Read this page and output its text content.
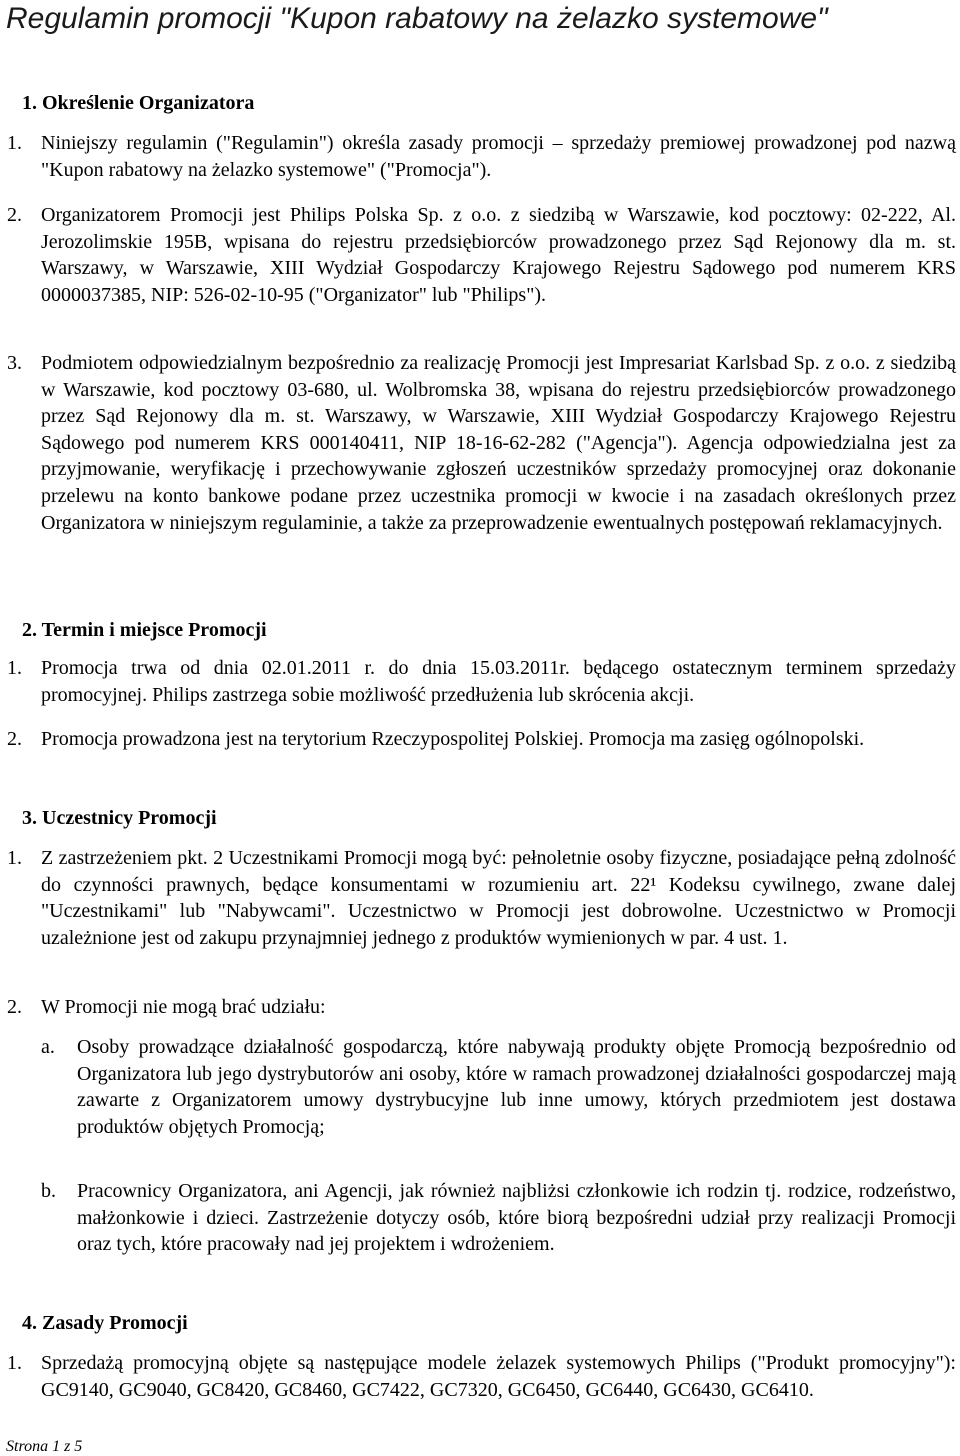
Regulamin promocji "Kupon rabatowy na żelazko systemowe"
1. Określenie Organizatora
1. Niniejszy regulamin ("Regulamin") określa zasady promocji – sprzedaży premiowej prowadzonej pod nazwą "Kupon rabatowy na żelazko systemowe" ("Promocja").
2. Organizatorem Promocji jest Philips Polska Sp. z o.o. z siedzibą w Warszawie, kod pocztowy: 02-222, Al. Jerozolimskie 195B, wpisana do rejestru przedsiębiorców prowadzonego przez Sąd Rejonowy dla m. st. Warszawy, w Warszawie, XIII Wydział Gospodarczy Krajowego Rejestru Sądowego pod numerem KRS 0000037385, NIP: 526-02-10-95 ("Organizator" lub "Philips").
3. Podmiotem odpowiedzialnym bezpośrednio za realizację Promocji jest Impresariat Karlsbad Sp. z o.o. z siedzibą w Warszawie, kod pocztowy 03-680, ul. Wolbromska 38, wpisana do rejestru przedsiębiorców prowadzonego przez Sąd Rejonowy dla m. st. Warszawy, w Warszawie, XIII Wydział Gospodarczy Krajowego Rejestru Sądowego pod numerem KRS 000140411, NIP 18-16-62-282 ("Agencja"). Agencja odpowiedzialna jest za przyjmowanie, weryfikację i przechowywanie zgłoszeń uczestników sprzedaży promocyjnej oraz dokonanie przelewu na konto bankowe podane przez uczestnika promocji w kwocie i na zasadach określonych przez Organizatora w niniejszym regulaminie, a także za przeprowadzenie ewentualnych postępowań reklamacyjnych.
2. Termin i miejsce Promocji
1. Promocja trwa od dnia 02.01.2011 r. do dnia 15.03.2011r. będącego ostatecznym terminem sprzedaży promocyjnej. Philips zastrzega sobie możliwość przedłużenia lub skrócenia akcji.
2. Promocja prowadzona jest na terytorium Rzeczypospolitej Polskiej. Promocja ma zasięg ogólnopolski.
3. Uczestnicy Promocji
1. Z zastrzeżeniem pkt. 2 Uczestnikami Promocji mogą być: pełnoletnie osoby fizyczne, posiadające pełną zdolność do czynności prawnych, będące konsumentami w rozumieniu art. 22¹ Kodeksu cywilnego, zwane dalej "Uczestnikami" lub "Nabywcami". Uczestnictwo w Promocji jest dobrowolne. Uczestnictwo w Promocji uzależnione jest od zakupu przynajmniej jednego z produktów wymienionych w par. 4 ust. 1.
2. W Promocji nie mogą brać udziału:
a. Osoby prowadzące działalność gospodarczą, które nabywają produkty objęte Promocją bezpośrednio od Organizatora lub jego dystrybutorów ani osoby, które w ramach prowadzonej działalności gospodarczej mają zawarte z Organizatorem umowy dystrybucyjne lub inne umowy, których przedmiotem jest dostawa produktów objętych Promocją;
b. Pracownicy Organizatora, ani Agencji, jak również najbliżsi członkowie ich rodzin tj. rodzice, rodzeństwo, małżonkowie i dzieci. Zastrzeżenie dotyczy osób, które biorą bezpośredni udział przy realizacji Promocji oraz tych, które pracowały nad jej projektem i wdrożeniem.
4. Zasady Promocji
1. Sprzedażą promocyjną objęte są następujące modele żelazek systemowych Philips ("Produkt promocyjny"): GC9140, GC9040, GC8420, GC8460, GC7422, GC7320, GC6450, GC6440, GC6430, GC6410.
Strona 1 z 5
